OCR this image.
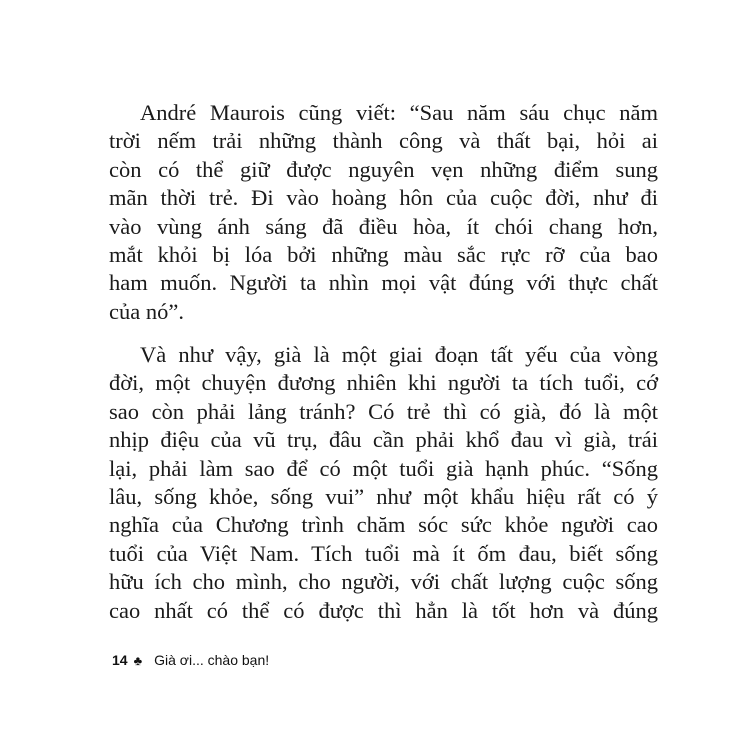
André Maurois cũng viết: “Sau năm sáu chục năm
trời nếm trải những thành công và thất bại, hỏi ai
còn có thể giữ được nguyên vẹn những điểm sung
mãn thời trẻ. Đi vào hoàng hôn của cuộc đời, như đi
vào vùng ánh sáng đã điều hòa, ít chói chang hơn,
mắt khỏi bị lóa bởi những màu sắc rực rỡ của bao
ham muốn. Người ta nhìn mọi vật đúng với thực chất
của nó”.
Và như vậy, già là một giai đoạn tất yếu của vòng
đời, một chuyện đương nhiên khi người ta tích tuổi, cớ
sao còn phải lảng tránh? Có trẻ thì có già, đó là một
nhịp điệu của vũ trụ, đâu cần phải khổ đau vì già, trái
lại, phải làm sao để có một tuổi già hạnh phúc. “Sống
lâu, sống khỏe, sống vui” như một khẩu hiệu rất có ý
nghĩa của Chương trình chăm sóc sức khỏe người cao
tuổi của Việt Nam. Tích tuổi mà ít ốm đau, biết sống
hữu ích cho mình, cho người, với chất lượng cuộc sống
cao nhất có thể có được thì hẳn là tốt hơn và đúng
14 ♣ Già ơi... chào bạn!
